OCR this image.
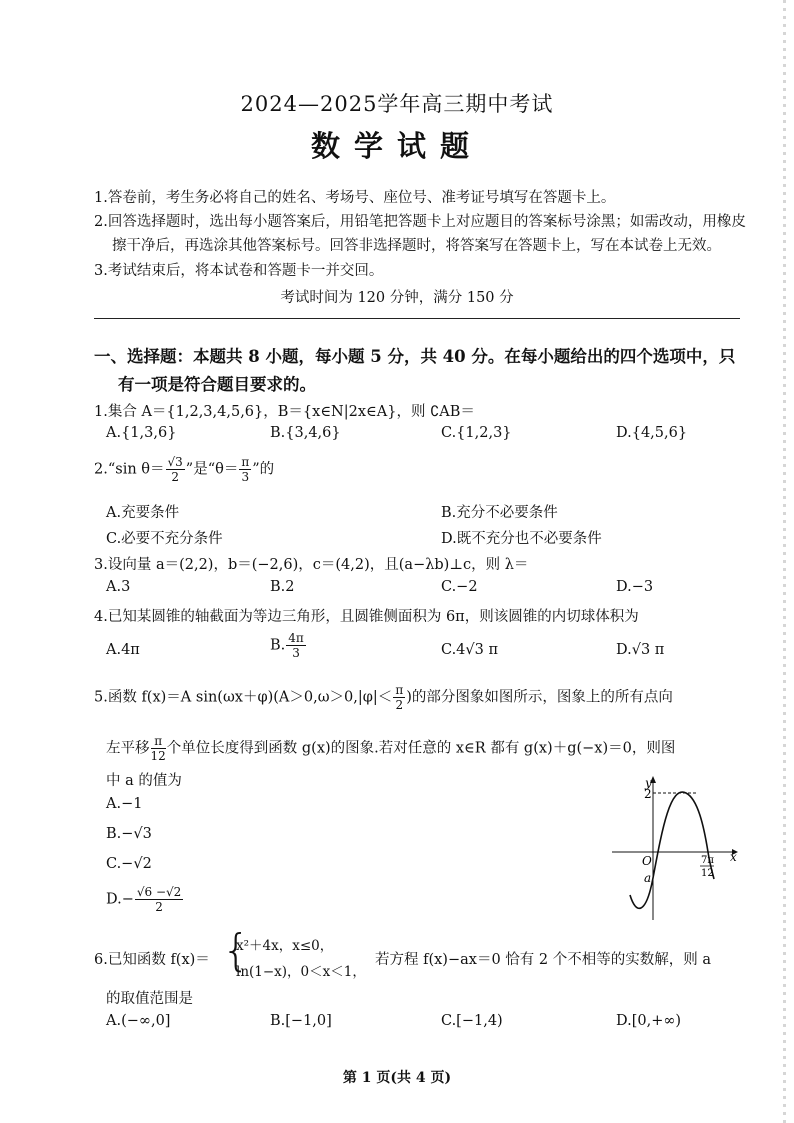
2024—2025学年高三期中考试
数学试题
1.答卷前，考生务必将自己的姓名、考场号、座位号、准考证号填写在答题卡上。
2.回答选择题时，选出每小题答案后，用铅笔把答题卡上对应题目的答案标号涂黑；如需改动，用橡皮
擦干净后，再选涂其他答案标号。回答非选择题时，将答案写在答题卡上，写在本试卷上无效。
3.考试结束后，将本试卷和答题卡一并交回。
考试时间为 120 分钟，满分 150 分
一、选择题：本题共 8 小题，每小题 5 分，共 40 分。在每小题给出的四个选项中，只
有一项是符合题目要求的。
1.集合 A＝{1,2,3,4,5,6}，B＝{x∈N|2x∈A}，则 ∁AB＝
A.{1,3,6}	B.{3,4,6}	C.{1,2,3}	D.{4,5,6}
2.“sin $\theta= \frac{√3}{2}$ ”是“$\theta= \frac{\pi}{3}$ ”的
A.充要条件	B.充分不必要条件
C.必要不充分条件	D.既不充分也不必要条件
3.设向量 a＝(2,2)，b＝(−2,6)，c＝(4,2)，且(a−λb)⊥c，则 λ＝
A.3	B.2	C.−2	D.−3
4.已知某圆锥的轴截面为等边三角形，且圆锥侧面积为 6π，则该圆锥的内切球体积为
A.4π	B. $\frac{4\pi}{3}$	C.4√3 π	D.√3 π
5.函数 f(x)＝A $\sin(\omega x+\varphi)(A>0,\omega>0,|\varphi|< \frac{\pi}{2}$ )的部分图象如图所示，图象上的所有点向
左平移 $\frac{\pi}{12}$ 个单位长度得到函数 g(x)的图象.若对任意的 x∈R 都有 g(x)＋g(−x)＝0，则图
中 a 的值为
A.−1
B.−√3
C.−√2
$D.- \frac{√6 -√2}{2}$
y
x
O
a
2
7π
12
6.已知函数 f(x)＝ {
x²＋4x，x≤0，
ln(1−x)，0＜x＜1，
若方程 f(x)−ax＝0 恰有 2 个不相等的实数解，则 a
的取值范围是
A.(−∞,0]	B.[−1,0]	C.[−1,4)	D.[0,+∞)
第 1 页(共 4 页)
